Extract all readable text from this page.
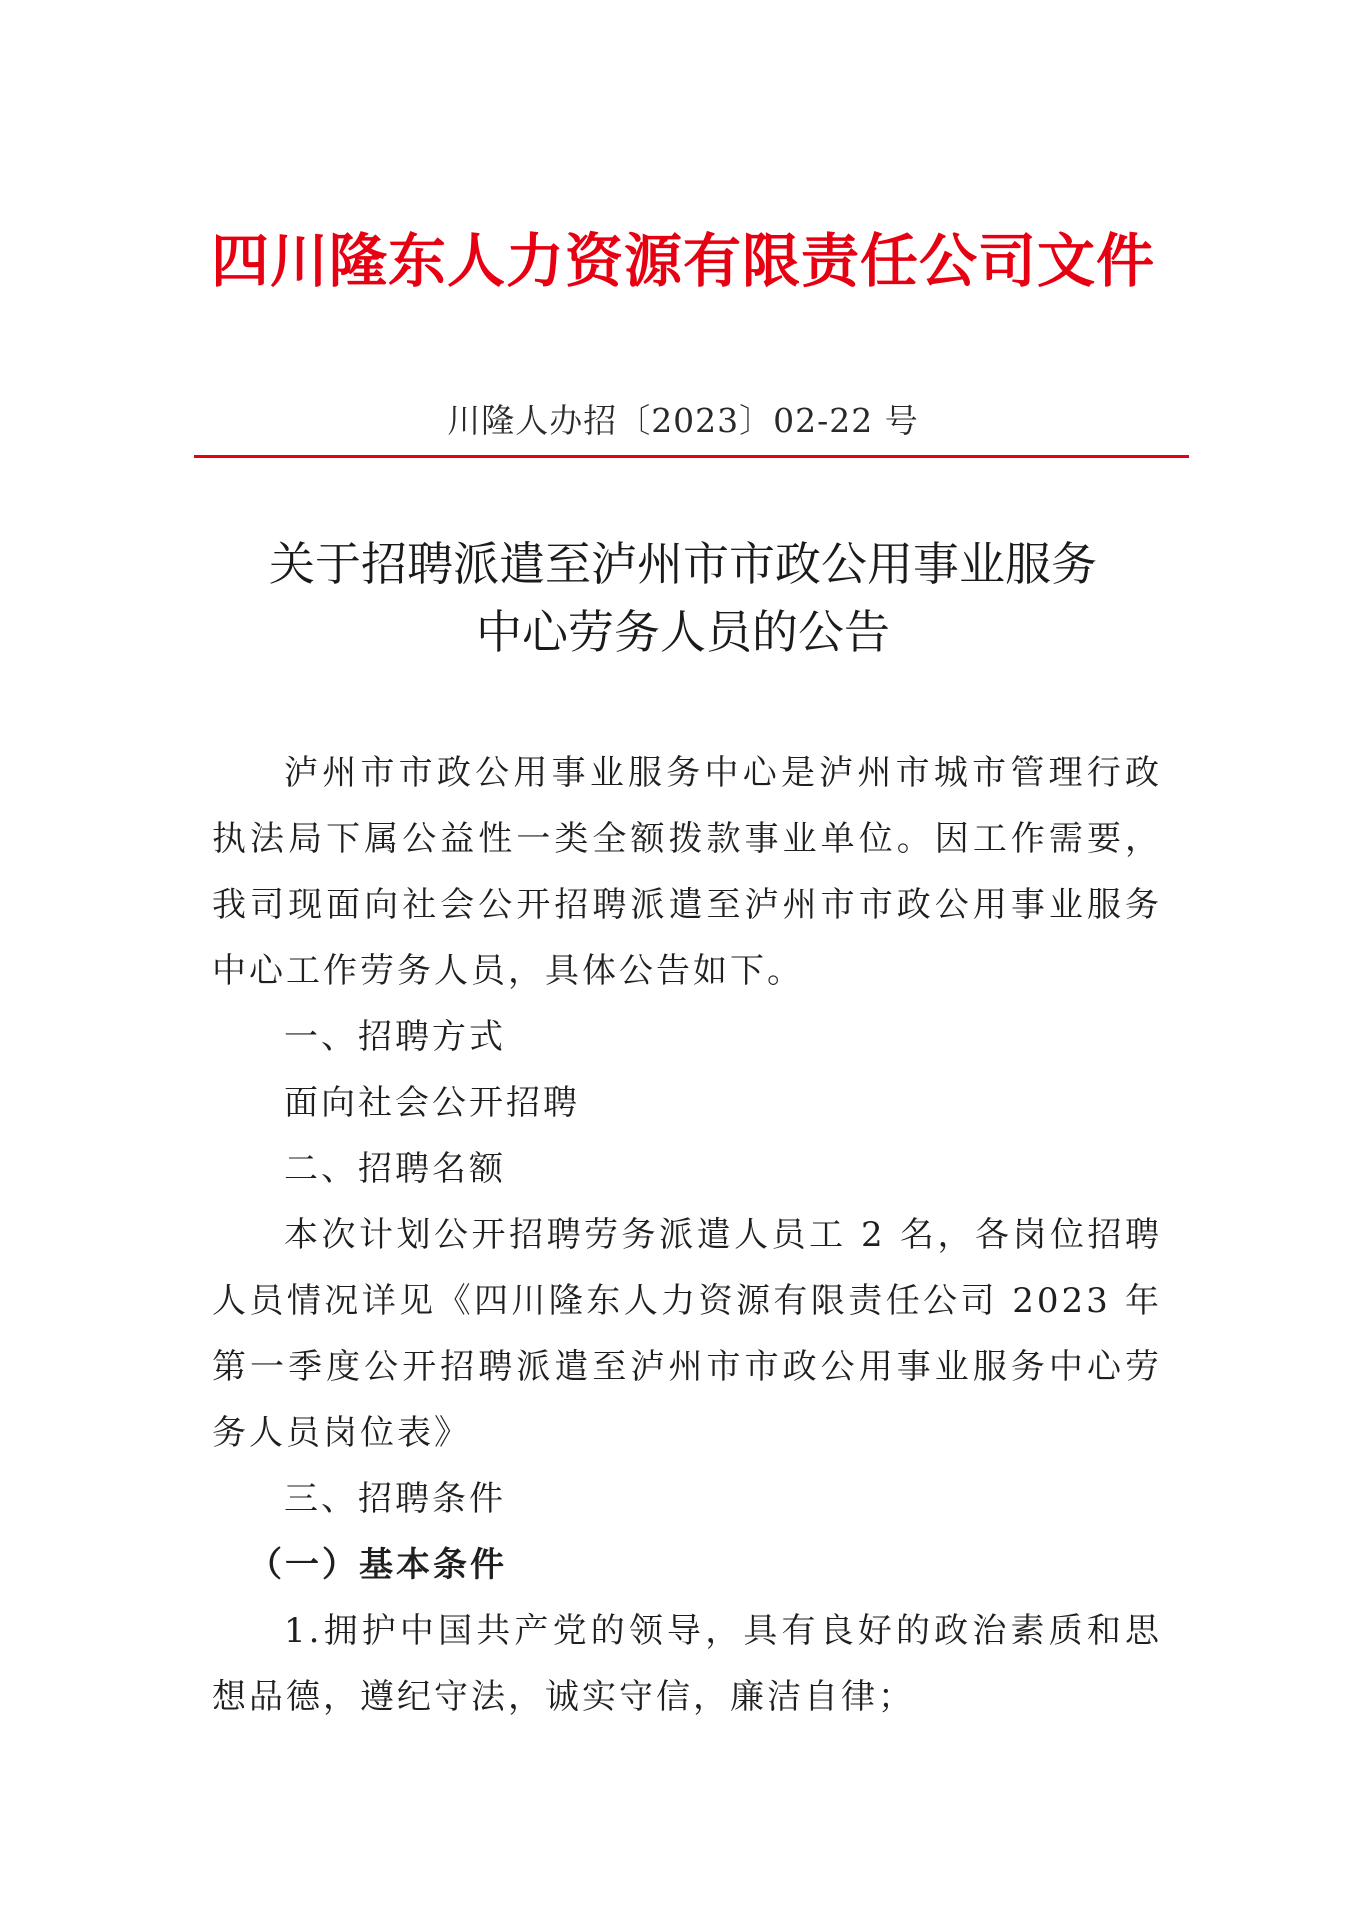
四川隆东人力资源有限责任公司文件
川隆人办招〔2023〕02-22 号
关于招聘派遣至泸州市市政公用事业服务
中心劳务人员的公告

泸州市市政公用事业服务中心是泸州市城市管理行政执法局下属公益性一类全额拨款事业单位。因工作需要，我司现面向社会公开招聘派遣至泸州市市政公用事业服务中心工作劳务人员，具体公告如下。

一、招聘方式

面向社会公开招聘

二、招聘名额

本次计划公开招聘劳务派遣人员工 2 名，各岗位招聘人员情况详见《四川隆东人力资源有限责任公司 2023 年第一季度公开招聘派遣至泸州市市政公用事业服务中心劳务人员岗位表》

三、招聘条件
（一）基本条件

1.拥护中国共产党的领导，具有良好的政治素质和思想品德，遵纪守法，诚实守信，廉洁自律；
